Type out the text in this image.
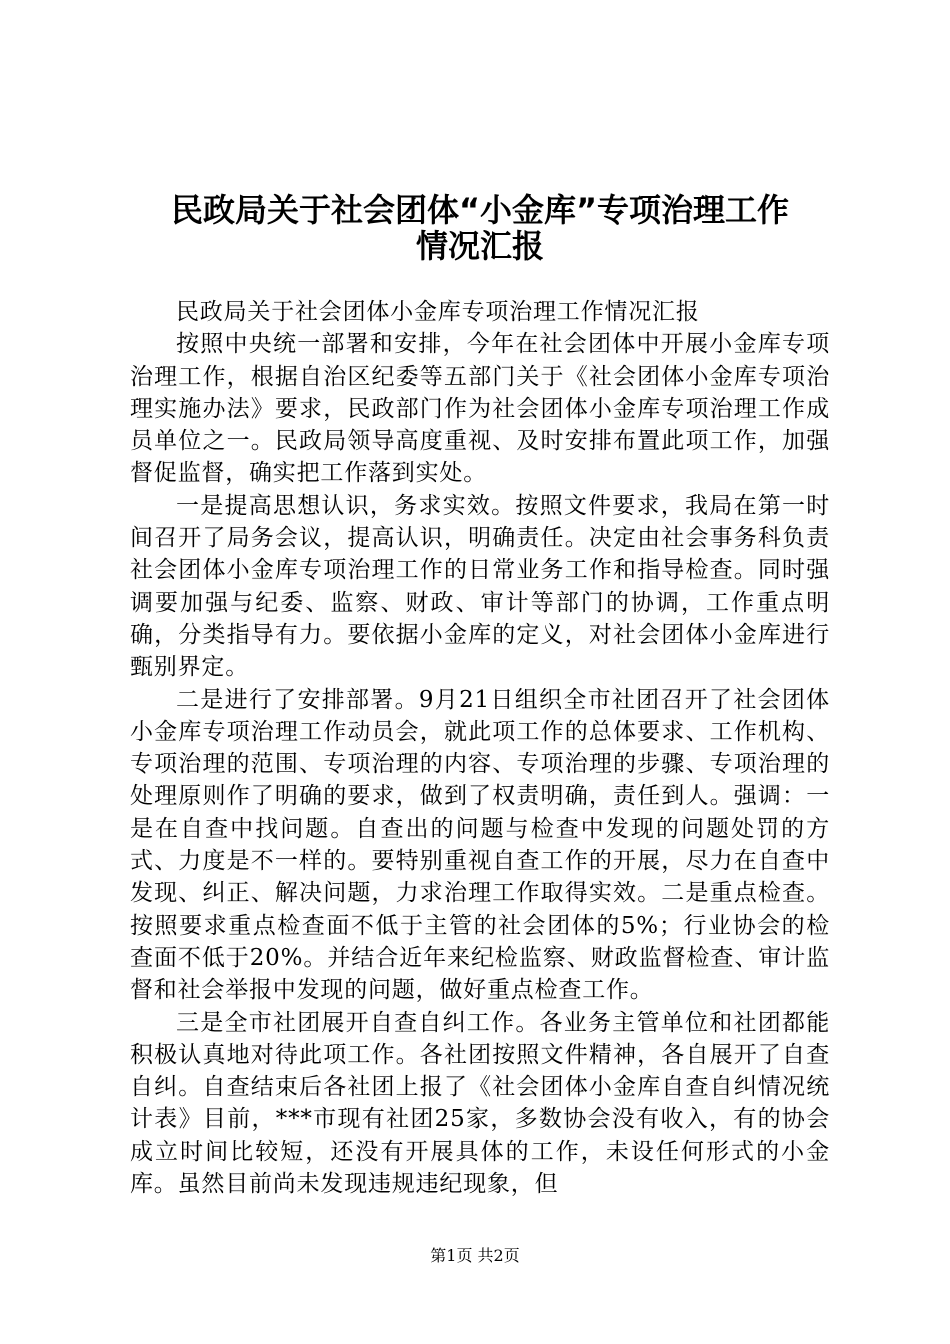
民政局关于社会团体“小金库”专项治理工作
情况汇报

民政局关于社会团体小金库专项治理工作情况汇报

按照中央统一部署和安排，今年在社会团体中开展小金库专项治理工作，根据自治区纪委等五部门关于《社会团体小金库专项治理实施办法》要求，民政部门作为社会团体小金库专项治理工作成员单位之一。民政局领导高度重视、及时安排布置此项工作，加强督促监督，确实把工作落到实处。

一是提高思想认识，务求实效。按照文件要求，我局在第一时间召开了局务会议，提高认识，明确责任。决定由社会事务科负责社会团体小金库专项治理工作的日常业务工作和指导检查。同时强调要加强与纪委、监察、财政、审计等部门的协调，工作重点明确，分类指导有力。要依据小金库的定义，对社会团体小金库进行甄别界定。

二是进行了安排部署。9月21日组织全市社团召开了社会团体小金库专项治理工作动员会，就此项工作的总体要求、工作机构、专项治理的范围、专项治理的内容、专项治理的步骤、专项治理的处理原则作了明确的要求，做到了权责明确，责任到人。强调：一是在自查中找问题。自查出的问题与检查中发现的问题处罚的方式、力度是不一样的。要特别重视自查工作的开展，尽力在自查中发现、纠正、解决问题，力求治理工作取得实效。二是重点检查。按照要求重点检查面不低于主管的社会团体的5%；行业协会的检查面不低于20%。并结合近年来纪检监察、财政监督检查、审计监督和社会举报中发现的问题，做好重点检查工作。

三是全市社团展开自查自纠工作。各业务主管单位和社团都能积极认真地对待此项工作。各社团按照文件精神，各自展开了自查自纠。自查结束后各社团上报了《社会团体小金库自查自纠情况统计表》目前，***市现有社团25家，多数协会没有收入，有的协会成立时间比较短，还没有开展具体的工作，未设任何形式的小金库。虽然目前尚未发现违规违纪现象，但

第1页 共2页
